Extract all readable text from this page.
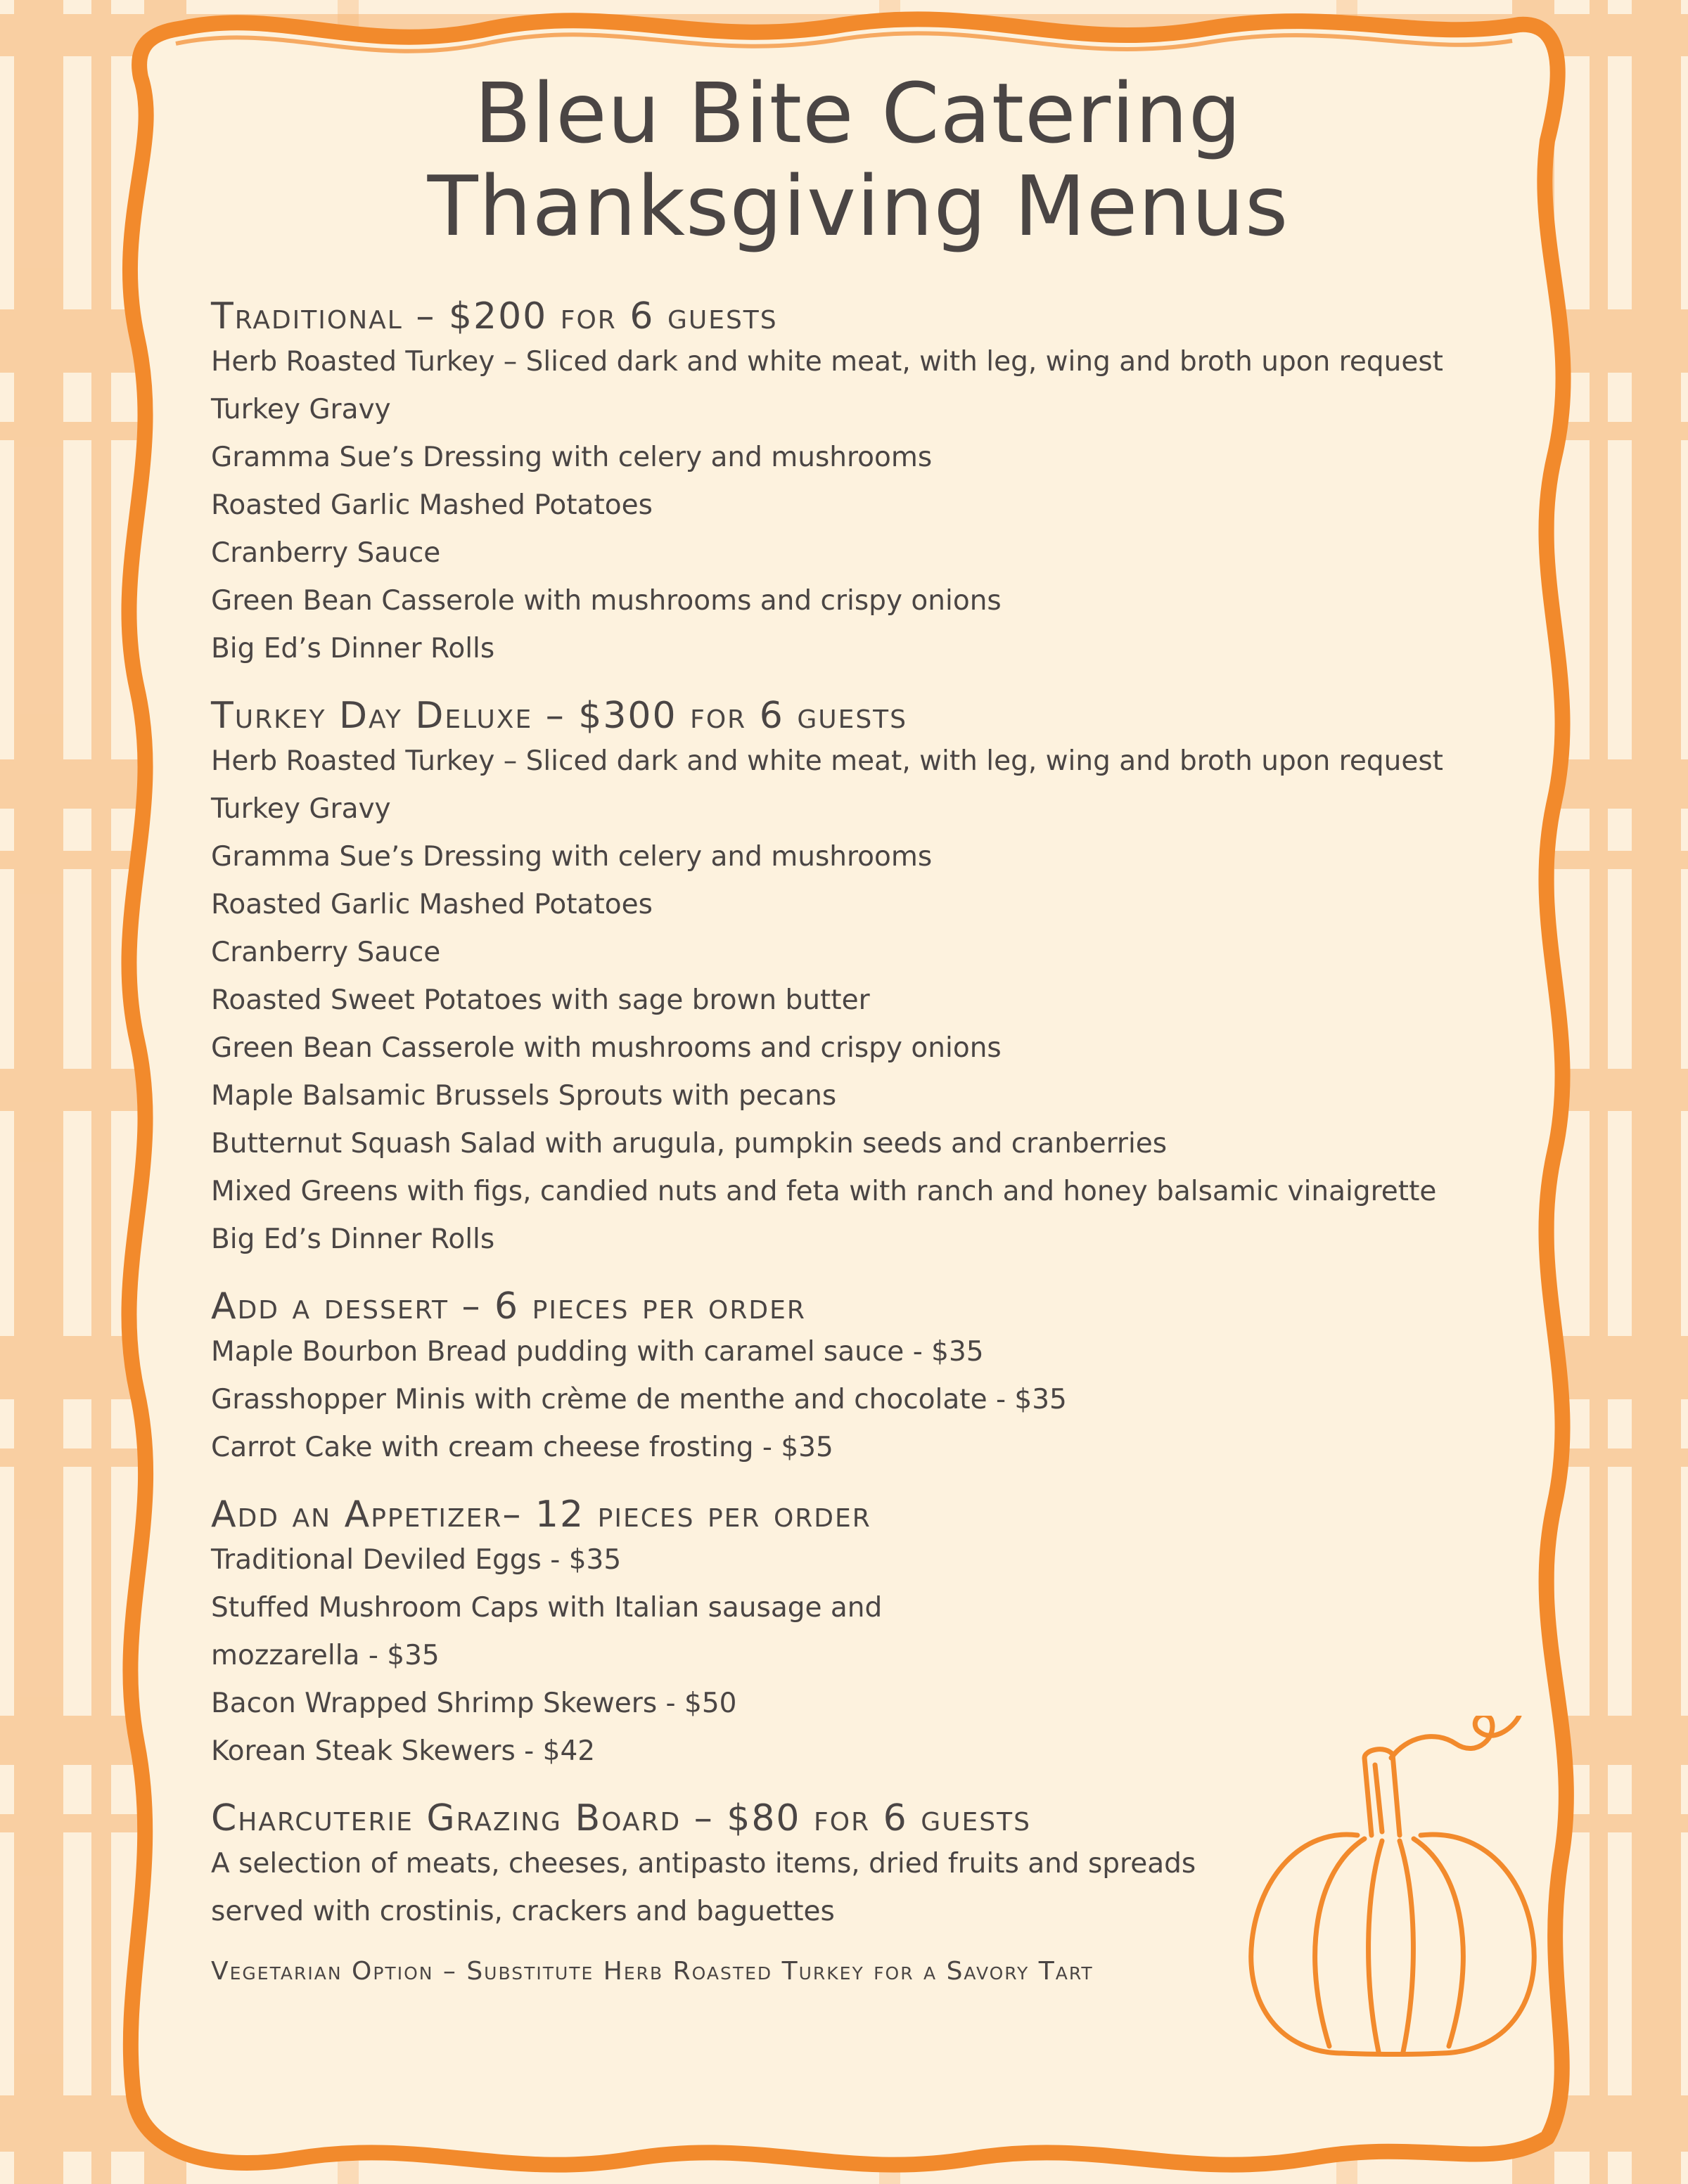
Bleu Bite Catering
Thanksgiving Menus
Traditional – $200 for 6 guests
Herb Roasted Turkey – Sliced dark and white meat, with leg, wing and broth upon request
Turkey Gravy
Gramma Sue’s Dressing with celery and mushrooms
Roasted Garlic Mashed Potatoes
Cranberry Sauce
Green Bean Casserole with mushrooms and crispy onions
Big Ed’s Dinner Rolls
Turkey Day Deluxe – $300 for 6 guests
Herb Roasted Turkey – Sliced dark and white meat, with leg, wing and broth upon request
Turkey Gravy
Gramma Sue’s Dressing with celery and mushrooms
Roasted Garlic Mashed Potatoes
Cranberry Sauce
Roasted Sweet Potatoes with sage brown butter
Green Bean Casserole with mushrooms and crispy onions
Maple Balsamic Brussels Sprouts with pecans
Butternut Squash Salad with arugula, pumpkin seeds and cranberries
Mixed Greens with figs, candied nuts and feta with ranch and honey balsamic vinaigrette
Big Ed’s Dinner Rolls
Add a dessert – 6 pieces per order
Maple Bourbon Bread pudding with caramel sauce - $35
Grasshopper Minis with crème de menthe and chocolate - $35
Carrot Cake with cream cheese frosting - $35
Add an Appetizer– 12 pieces per order
Traditional Deviled Eggs - $35
Stuffed Mushroom Caps with Italian sausage and
mozzarella - $35
Bacon Wrapped Shrimp Skewers - $50
Korean Steak Skewers - $42
Charcuterie Grazing Board – $80 for 6 guests
A selection of meats, cheeses, antipasto items, dried fruits and spreads
served with crostinis, crackers and baguettes
Vegetarian Option – Substitute Herb Roasted Turkey for a Savory Tart
